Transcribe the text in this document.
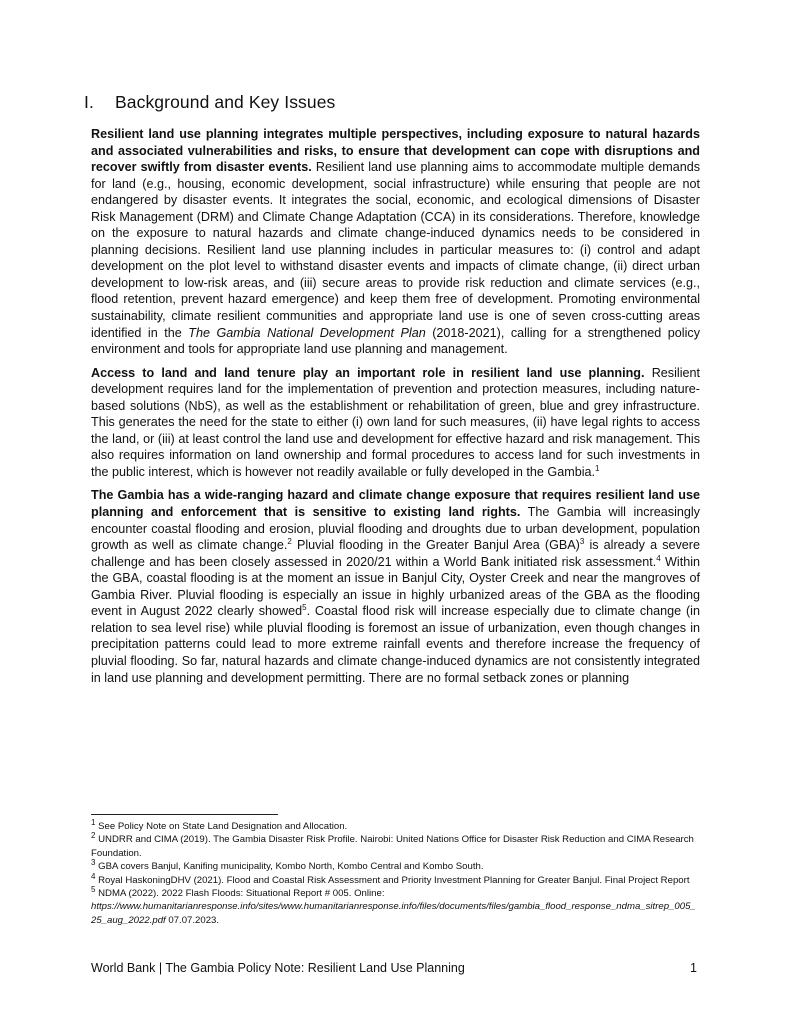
I.	Background and Key Issues

Resilient land use planning integrates multiple perspectives, including exposure to natural hazards and associated vulnerabilities and risks, to ensure that development can cope with disruptions and recover swiftly from disaster events. Resilient land use planning aims to accommodate multiple demands for land (e.g., housing, economic development, social infrastructure) while ensuring that people are not endangered by disaster events. It integrates the social, economic, and ecological dimensions of Disaster Risk Management (DRM) and Climate Change Adaptation (CCA) in its considerations. Therefore, knowledge on the exposure to natural hazards and climate change-induced dynamics needs to be considered in planning decisions. Resilient land use planning includes in particular measures to: (i) control and adapt development on the plot level to withstand disaster events and impacts of climate change, (ii) direct urban development to low-risk areas, and (iii) secure areas to provide risk reduction and climate services (e.g., flood retention, prevent hazard emergence) and keep them free of development. Promoting environmental sustainability, climate resilient communities and appropriate land use is one of seven cross-cutting areas identified in the The Gambia National Development Plan (2018-2021), calling for a strengthened policy environment and tools for appropriate land use planning and management.

Access to land and land tenure play an important role in resilient land use planning. Resilient development requires land for the implementation of prevention and protection measures, including nature-based solutions (NbS), as well as the establishment or rehabilitation of green, blue and grey infrastructure. This generates the need for the state to either (i) own land for such measures, (ii) have legal rights to access the land, or (iii) at least control the land use and development for effective hazard and risk management. This also requires information on land ownership and formal procedures to access land for such investments in the public interest, which is however not readily available or fully developed in the Gambia.$^1$

The Gambia has a wide-ranging hazard and climate change exposure that requires resilient land use planning and enforcement that is sensitive to existing land rights. The Gambia will increasingly encounter coastal flooding and erosion, pluvial flooding and droughts due to urban development, population growth as well as climate change.$^2$ Pluvial flooding in the Greater Banjul Area (GBA)$^3$ is already a severe challenge and has been closely assessed in 2020/21 within a World Bank initiated risk assessment.$^4$ Within the GBA, coastal flooding is at the moment an issue in Banjul City, Oyster Creek and near the mangroves of Gambia River. Pluvial flooding is especially an issue in highly urbanized areas of the GBA as the flooding event in August 2022 clearly showed$^5$. Coastal flood risk will increase especially due to climate change (in relation to sea level rise) while pluvial flooding is foremost an issue of urbanization, even though changes in precipitation patterns could lead to more extreme rainfall events and therefore increase the frequency of pluvial flooding. So far, natural hazards and climate change-induced dynamics are not consistently integrated in land use planning and development permitting. There are no formal setback zones or planning

$^1$ See Policy Note on State Land Designation and Allocation.

$^2$ UNDRR and CIMA (2019). The Gambia Disaster Risk Profile. Nairobi: United Nations Office for Disaster Risk Reduction and CIMA Research Foundation.

$^3$ GBA covers Banjul, Kanifing municipality, Kombo North, Kombo Central and Kombo South.

$^4$ Royal HaskoningDHV (2021). Flood and Coastal Risk Assessment and Priority Investment Planning for Greater Banjul. Final Project Report

$^5$ NDMA (2022). 2022 Flash Floods: Situational Report # 005. Online:
https://www.humanitarianresponse.info/sites/www.humanitarianresponse.info/files/documents/files/gambia_flood_response_ndma_sitrep_005_25_aug_2022.pdf 07.07.2023.

World Bank | The Gambia Policy Note: Resilient Land Use Planning	1
